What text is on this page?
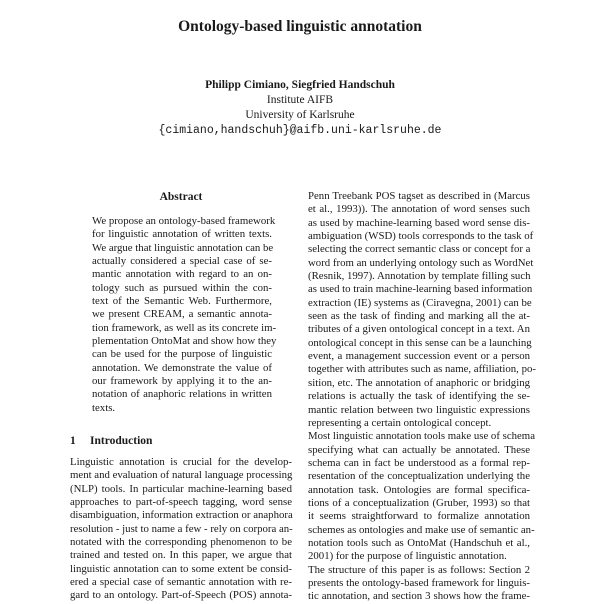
Ontology-based linguistic annotation
Philipp Cimiano, Siegfried Handschuh
Institute AIFB
University of Karlsruhe
{cimiano,handschuh}@aifb.uni-karlsruhe.de
Abstract
We propose an ontology-based framework
for linguistic annotation of written texts.
We argue that linguistic annotation can be
actually considered a special case of se-
mantic annotation with regard to an on-
tology such as pursued within the con-
text of the Semantic Web. Furthermore,
we present CREAM, a semantic annota-
tion framework, as well as its concrete im-
plementation OntoMat and show how they
can be used for the purpose of linguistic
annotation. We demonstrate the value of
our framework by applying it to the an-
notation of anaphoric relations in written
texts.
1 Introduction
Linguistic annotation is crucial for the develop-
ment and evaluation of natural language processing
(NLP) tools. In particular machine-learning based
approaches to part-of-speech tagging, word sense
disambiguation, information extraction or anaphora
resolution - just to name a few - rely on corpora an-
notated with the corresponding phenomenon to be
trained and tested on. In this paper, we argue that
linguistic annotation can to some extent be consid-
ered a special case of semantic annotation with re-
gard to an ontology. Part-of-Speech (POS) annota-
Penn Treebank POS tagset as described in (Marcus
et al., 1993)). The annotation of word senses such
as used by machine-learning based word sense dis-
ambiguation (WSD) tools corresponds to the task of
selecting the correct semantic class or concept for a
word from an underlying ontology such as WordNet
(Resnik, 1997). Annotation by template filling such
as used to train machine-learning based information
extraction (IE) systems as (Ciravegna, 2001) can be
seen as the task of finding and marking all the at-
tributes of a given ontological concept in a text. An
ontological concept in this sense can be a launching
event, a management succession event or a person
together with attributes such as name, affiliation, po-
sition, etc. The annotation of anaphoric or bridging
relations is actually the task of identifying the se-
mantic relation between two linguistic expressions
representing a certain ontological concept.
Most linguistic annotation tools make use of schema
specifying what can actually be annotated. These
schema can in fact be understood as a formal rep-
resentation of the conceptualization underlying the
annotation task. Ontologies are formal specifica-
tions of a conceptualization (Gruber, 1993) so that
it seems straightforward to formalize annotation
schemes as ontologies and make use of semantic an-
notation tools such as OntoMat (Handschuh et al.,
2001) for the purpose of linguistic annotation.
The structure of this paper is as follows: Section 2
presents the ontology-based framework for linguis-
tic annotation, and section 3 shows how the frame-
